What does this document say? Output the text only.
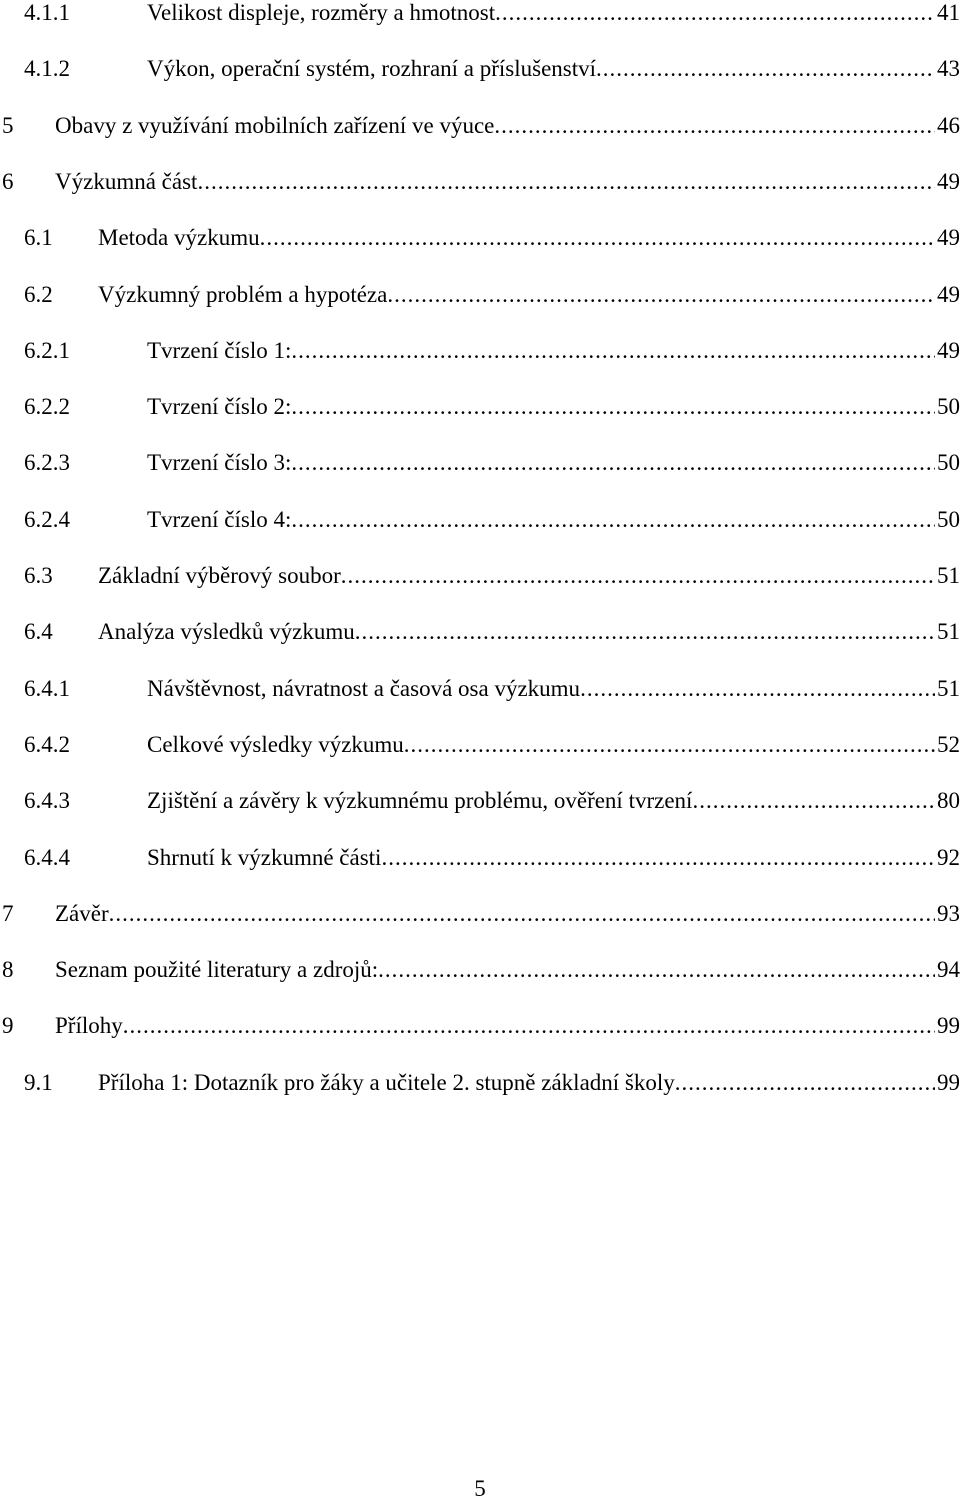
4.1.1	Velikost displeje, rozměry a hmotnost .....	41
4.1.2	Výkon, operační systém, rozhraní a příslušenství .....	43
5 Obavy z využívání mobilních zařízení ve výuce .....	46
6 Výzkumná část .....	49
6.1 Metoda výzkumu .....	49
6.2 Výzkumný problém a hypotéza .....	49
6.2.1	Tvrzení číslo 1: .....	49
6.2.2	Tvrzení číslo 2: .....	50
6.2.3	Tvrzení číslo 3: .....	50
6.2.4	Tvrzení číslo 4: .....	50
6.3 Základní výběrový soubor .....	51
6.4 Analýza výsledků výzkumu .....	51
6.4.1	Návštěvnost, návratnost a časová osa výzkumu .....	51
6.4.2	Celkové výsledky výzkumu .....	52
6.4.3	Zjištění a závěry k výzkumnému problému, ověření tvrzení .....	80
6.4.4	Shrnutí k výzkumné části .....	92
7 Závěr .....	93
8 Seznam použité literatury a zdrojů: .....	94
9 Přílohy .....	99
9.1 Příloha 1: Dotazník pro žáky a učitele 2. stupně základní školy .....	99
5
